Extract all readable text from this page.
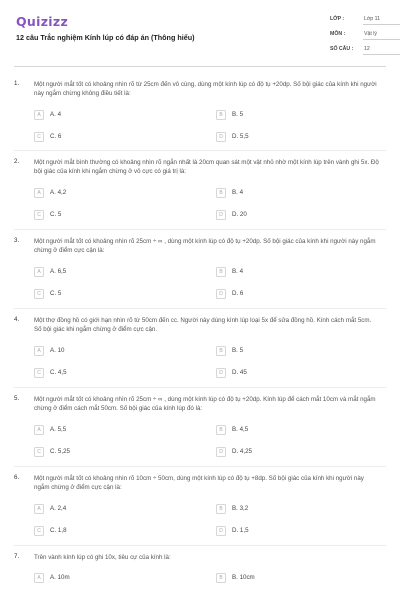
Quizizz
12 câu Trắc nghiệm Kính lúp có đáp án (Thông hiểu)
LỚP :	Lớp 11
MÔN :	Vật lý
SỐ CÂU :	12
1. Một người mắt tốt có khoảng nhìn rõ từ 25cm đến vô cùng, dùng một kính lúp có độ tụ +20dp. Số bội giác của kính khi người này ngắm chừng không điều tiết là:
A	A. 4	B	B. 5
C	C. 6	D	D. 5,5
2. Một người mắt bình thường có khoảng nhìn rõ ngắn nhất là 20cm quan sát một vật nhỏ nhờ một kính lúp trên vành ghi 5x. Độ bội giác của kính khi ngắm chừng ở vô cực có giá trị là:
A	A. 4,2	B	B. 4
C	C. 5	D	D. 20
3. Một người mắt tốt có khoảng nhìn rõ 25cm ÷ ∞ , dùng một kính lúp có độ tụ +20dp. Số bội giác của kính khi người này ngắm chừng ở điểm cực cận là:
A	A. 6,5	B	B. 4
C	C. 5	D	D. 6
4. Một thợ đồng hồ có giới hạn nhìn rõ từ 50cm đến cc. Người này dùng kính lúp loại 5x để sửa đồng hồ. Kính cách mắt 5cm. Số bội giác khi ngắm chừng ở điểm cực cận.
A	A. 10	B	B. 5
C	C. 4,5	D	D. 45
5. Một người mắt tốt có khoảng nhìn rõ 25cm ÷ ∞ , dùng một kính lúp có độ tụ +20dp. Kính lúp để cách mắt 10cm và mắt ngắm chừng ở điểm cách mắt 50cm. Số bội giác của kính lúp đó là:
A	A. 5,5	B	B. 4,5
C	C. 5,25	D	D. 4,25
6. Một người mắt tốt có khoảng nhìn rõ 10cm ÷ 50cm, dùng một kính lúp có độ tụ +8dp. Số bội giác của kính khi người này ngắm chừng ở điểm cực cận là:
A	A. 2,4	B	B. 3,2
C	C. 1,8	D	D. 1,5
7. Trên vành kính lúp có ghi 10x, tiêu cự của kính là:
A	A. 10m	B	B. 10cm
